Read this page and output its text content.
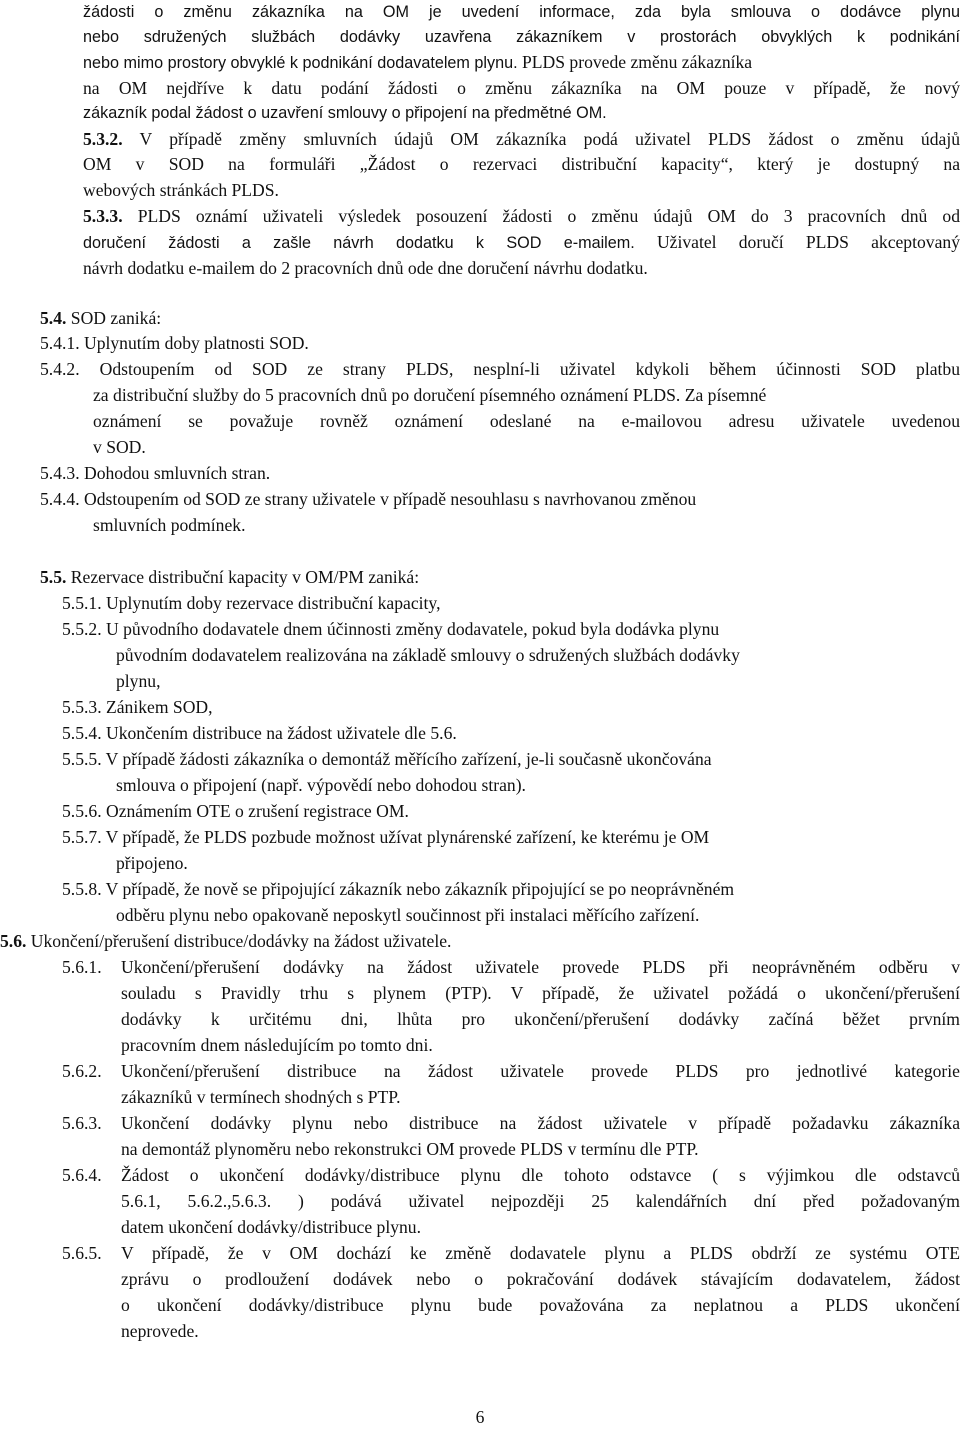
žádosti o změnu zákazníka na OM je uvedení informace, zda byla smlouva o dodávce plynu
nebo sdružených službách dodávky uzavřena zákazníkem v prostorách obvyklých k podnikání
nebo mimo prostory obvyklé k podnikání dodavatelem plynu. PLDS provede změnu zákazníka
na OM nejdříve k datu podání žádosti o změnu zákazníka na OM pouze v případě, že nový
zákazník podal žádost o uzavření smlouvy o připojení na předmětné OM.
5.3.2. V případě změny smluvních údajů OM zákazníka podá uživatel PLDS žádost o změnu údajů
OM v SOD na formuláři „Žádost o rezervaci distribuční kapacity“, který je dostupný na
webových stránkách PLDS.
5.3.3. PLDS oznámí uživateli výsledek posouzení žádosti o změnu údajů OM do 3 pracovních dnů od
doručení žádosti a zašle návrh dodatku k SOD e-mailem. Uživatel doručí PLDS akceptovaný
návrh dodatku e-mailem do 2 pracovních dnů ode dne doručení návrhu dodatku.
5.4. SOD zaniká:
5.4.1. Uplynutím doby platnosti SOD.
5.4.2. Odstoupením od SOD ze strany PLDS, nesplní-li uživatel kdykoli během účinnosti SOD platbu
za distribuční služby do 5 pracovních dnů po doručení písemného oznámení PLDS. Za písemné
oznámení se považuje rovněž oznámení odeslané na e-mailovou adresu uživatele uvedenou
v SOD.
5.4.3. Dohodou smluvních stran.
5.4.4. Odstoupením od SOD ze strany uživatele v případě nesouhlasu s navrhovanou změnou
smluvních podmínek.
5.5. Rezervace distribuční kapacity v OM/PM zaniká:
5.5.1. Uplynutím doby rezervace distribuční kapacity,
5.5.2. U původního dodavatele dnem účinnosti změny dodavatele, pokud byla dodávka plynu
původním dodavatelem realizována na základě smlouvy o sdružených službách dodávky
plynu,
5.5.3. Zánikem SOD,
5.5.4. Ukončením distribuce na žádost uživatele dle 5.6.
5.5.5. V případě žádosti zákazníka o demontáž měřícího zařízení, je-li současně ukončována
smlouva o připojení (např. výpovědí nebo dohodou stran).
5.5.6. Oznámením OTE o zrušení registrace OM.
5.5.7. V případě, že PLDS pozbude možnost užívat plynárenské zařízení, ke kterému je OM
připojeno.
5.5.8. V případě, že nově se připojující zákazník nebo zákazník připojující se po neoprávněném
odběru plynu nebo opakovaně neposkytl součinnost při instalaci měřícího zařízení.
5.6. Ukončení/přerušení distribuce/dodávky na žádost uživatele.
5.6.1. Ukončení/přerušení dodávky na žádost uživatele provede PLDS při neoprávněném odběru v
souladu s Pravidly trhu s plynem (PTP). V případě, že uživatel požádá o ukončení/přerušení
dodávky k určitému dni, lhůta pro ukončení/přerušení dodávky začíná běžet prvním
pracovním dnem následujícím po tomto dni.
5.6.2. Ukončení/přerušení distribuce na žádost uživatele provede PLDS pro jednotlivé kategorie
zákazníků v termínech shodných s PTP.
5.6.3. Ukončení dodávky plynu nebo distribuce na žádost uživatele v případě požadavku zákazníka
na demontáž plynoměru nebo rekonstrukci OM provede PLDS v termínu dle PTP.
5.6.4. Žádost o ukončení dodávky/distribuce plynu dle tohoto odstavce ( s výjimkou dle odstavců
5.6.1, 5.6.2.,5.6.3. ) podává uživatel nejpozději 25 kalendářních dní před požadovaným
datem ukončení dodávky/distribuce plynu.
5.6.5. V případě, že v OM dochází ke změně dodavatele plynu a PLDS obdrží ze systému OTE
zprávu o prodloužení dodávek nebo o pokračování dodávek stávajícím dodavatelem, žádost
o ukončení dodávky/distribuce plynu bude považována za neplatnou a PLDS ukončení
neprovede.
6
